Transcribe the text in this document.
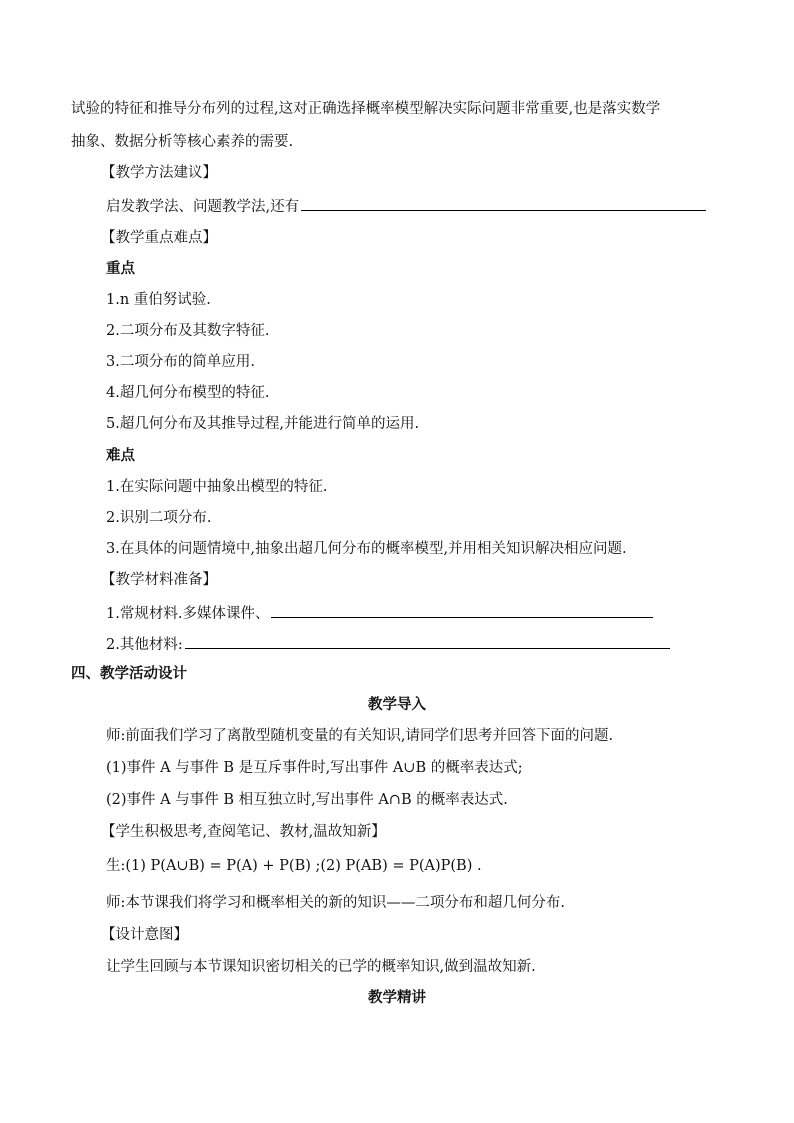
试验的特征和推导分布列的过程,这对正确选择概率模型解决实际问题非常重要,也是落实数学
抽象、数据分析等核心素养的需要.
【教学方法建议】
启发教学法、问题教学法,还有
【教学重点难点】
重点
1.n 重伯努试验.
2.二项分布及其数字特征.
3.二项分布的简单应用.
4.超几何分布模型的特征.
5.超几何分布及其推导过程,并能进行简单的运用.
难点
1.在实际问题中抽象出模型的特征.
2.识别二项分布.
3.在具体的问题情境中,抽象出超几何分布的概率模型,并用相关知识解决相应问题.
【教学材料准备】
1.常规材料.多媒体课件、
2.其他材料:
四、教学活动设计
教学导入
师:前面我们学习了离散型随机变量的有关知识,请同学们思考并回答下面的问题.
(1)事件 A 与事件 B 是互斥事件时,写出事件 A∪B 的概率表达式;
(2)事件 A 与事件 B 相互独立时,写出事件 A∩B 的概率表达式.
【学生积极思考,查阅笔记、教材,温故知新】
生:(1) P(A∪B) = P(A) + P(B) ;(2) P(AB) = P(A)P(B) .
师:本节课我们将学习和概率相关的新的知识——二项分布和超几何分布.
【设计意图】
让学生回顾与本节课知识密切相关的已学的概率知识,做到温故知新.
教学精讲
